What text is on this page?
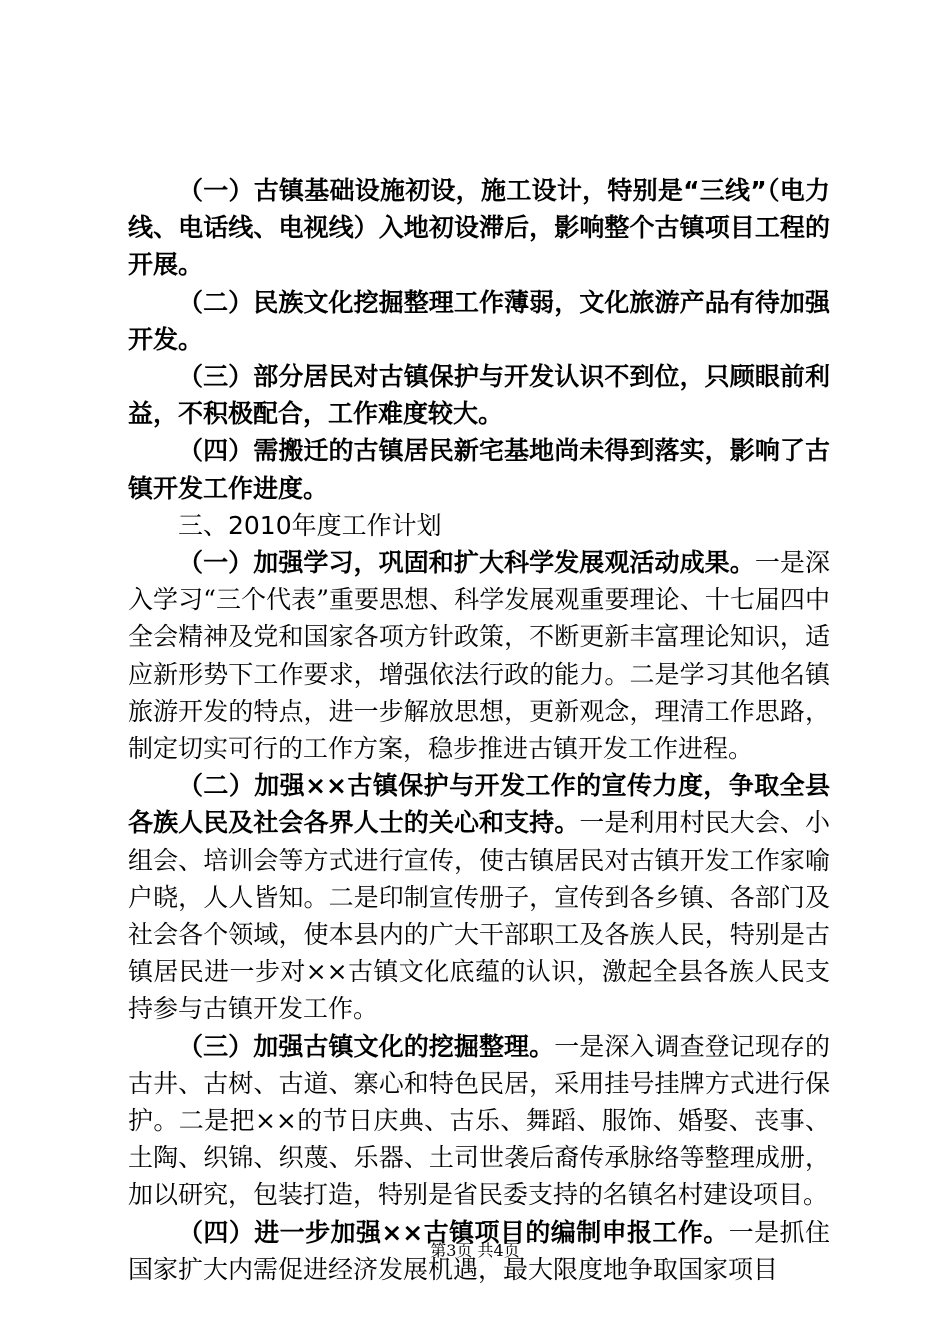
（一）古镇基础设施初设，施工设计，特别是“三线”（电力线、电话线、电视线）入地初设滞后，影响整个古镇项目工程的开展。

（二）民族文化挖掘整理工作薄弱，文化旅游产品有待加强开发。

（三）部分居民对古镇保护与开发认识不到位，只顾眼前利益，不积极配合，工作难度较大。

（四）需搬迁的古镇居民新宅基地尚未得到落实，影响了古镇开发工作进度。

三、2010年度工作计划

（一）加强学习，巩固和扩大科学发展观活动成果。一是深入学习“三个代表”重要思想、科学发展观重要理论、十七届四中全会精神及党和国家各项方针政策，不断更新丰富理论知识，适应新形势下工作要求，增强依法行政的能力。二是学习其他名镇旅游开发的特点，进一步解放思想，更新观念，理清工作思路，制定切实可行的工作方案，稳步推进古镇开发工作进程。

（二）加强××古镇保护与开发工作的宣传力度，争取全县各族人民及社会各界人士的关心和支持。一是利用村民大会、小组会、培训会等方式进行宣传，使古镇居民对古镇开发工作家喻户晓，人人皆知。二是印制宣传册子，宣传到各乡镇、各部门及社会各个领域，使本县内的广大干部职工及各族人民，特别是古镇居民进一步对××古镇文化底蕴的认识，激起全县各族人民支持参与古镇开发工作。

（三）加强古镇文化的挖掘整理。一是深入调查登记现存的古井、古树、古道、寨心和特色民居，采用挂号挂牌方式进行保护。二是把××的节日庆典、古乐、舞蹈、服饰、婚娶、丧事、土陶、织锦、织蔑、乐器、土司世袭后裔传承脉络等整理成册，加以研究，包装打造，特别是省民委支持的名镇名村建设项目。

（四）进一步加强××古镇项目的编制申报工作。一是抓住国家扩大内需促进经济发展机遇，最大限度地争取国家项目

第3页 共4页
